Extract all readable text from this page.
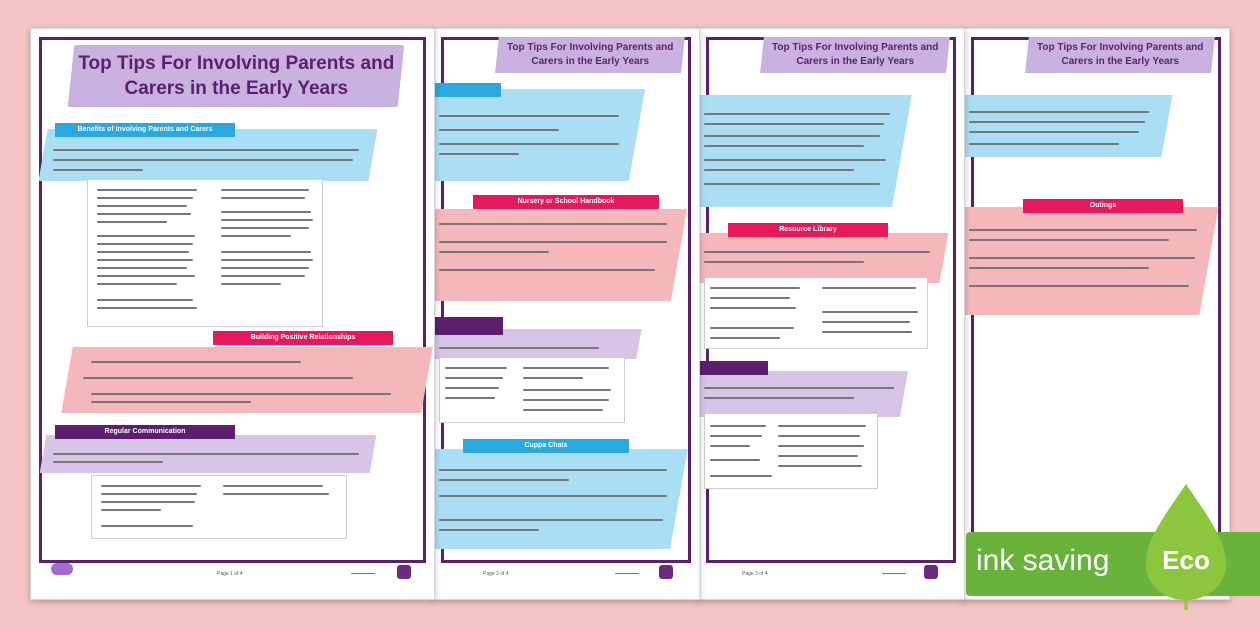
Top Tips For Involving Parents and Carers in the Early Years
Outings
Top Tips For Involving Parents and Carers in the Early Years
Resource Library
Page 3 of 4
Top Tips For Involving Parents and Carers in the Early Years
Nursery or School Handbook
Cuppa Chats
Page 2 of 4
Top Tips For Involving Parents and Carers in the Early Years
Benefits of Involving Parents and Carers
Building Positive Relationships
Regular Communication
Page 1 of 4	ink saving	Eco
